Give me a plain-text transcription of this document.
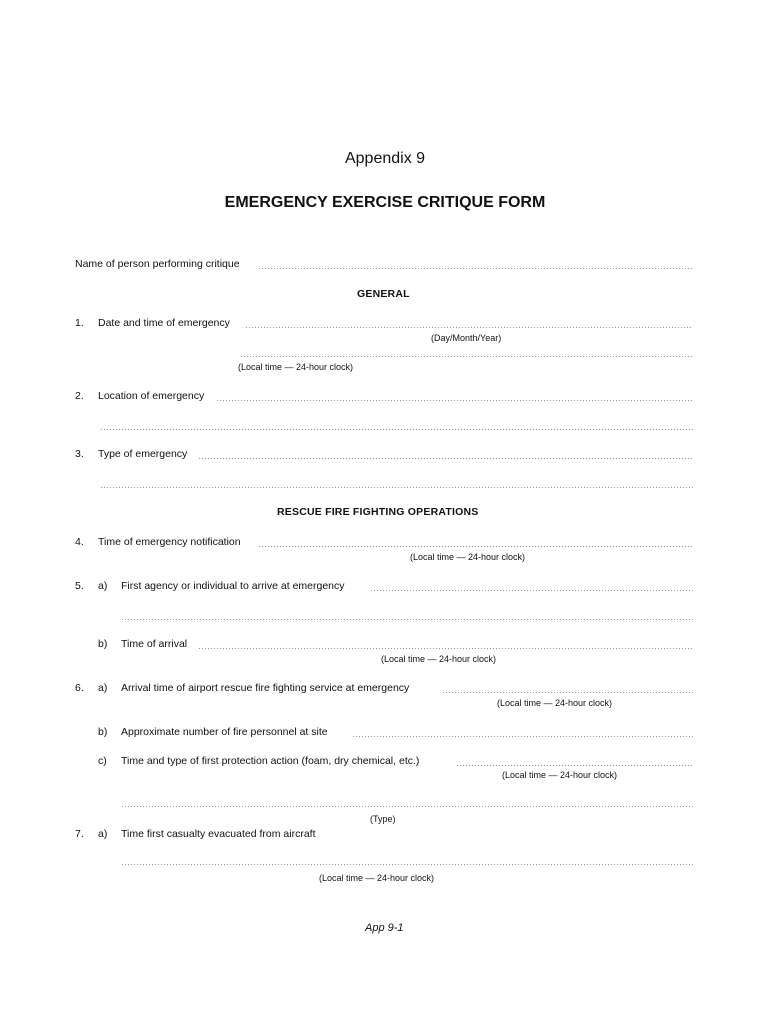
Appendix 9
EMERGENCY EXERCISE CRITIQUE FORM
Name of person performing critique
GENERAL
1. Date and time of emergency
(Day/Month/Year)
(Local time — 24-hour clock)
2. Location of emergency
3. Type of emergency
RESCUE FIRE FIGHTING OPERATIONS
4. Time of emergency notification
(Local time — 24-hour clock)
5. a) First agency or individual to arrive at emergency
b) Time of arrival
(Local time — 24-hour clock)
6. a) Arrival time of airport rescue fire fighting service at emergency
(Local time — 24-hour clock)
b) Approximate number of fire personnel at site
c) Time and type of first protection action (foam, dry chemical, etc.)
(Local time — 24-hour clock)
(Type)
7. a) Time first casualty evacuated from aircraft
(Local time — 24-hour clock)
App 9-1
